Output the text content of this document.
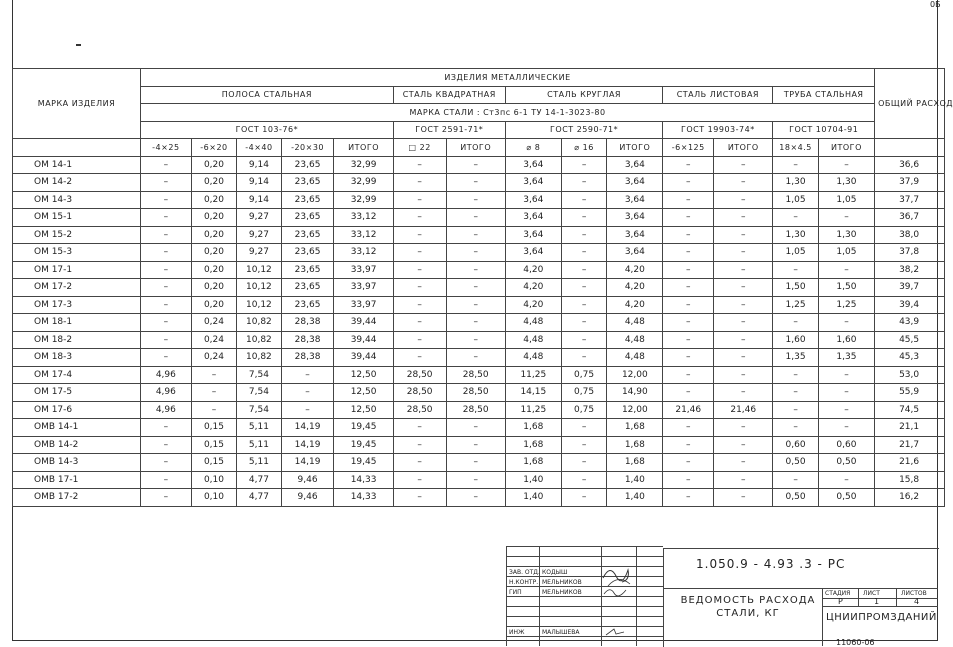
0Б
МАРКА ИЗДЕЛИЯ	ИЗДЕЛИЯ МЕТАЛЛИЧЕСКИЕ														ОБЩИЙ РАСХОД
	ПОЛОСА СТАЛЬНАЯ					СТАЛЬ КВАДРАТНАЯ		СТАЛЬ КРУГЛАЯ			СТАЛЬ ЛИСТОВАЯ		ТРУБА СТАЛЬНАЯ		
	МАРКА СТАЛИ : Ст3пс 6-1 ТУ 14-1-3023-80														
	ГОСТ 103-76*					ГОСТ 2591-71*		ГОСТ 2590-71*			ГОСТ 19903-74*		ГОСТ 10704-91		
	-4×25	-6×20	-4×40	-20×30	ИТОГО	□ 22	ИТОГО	⌀ 8	⌀ 16	ИТОГО	-6×125	ИТОГО	18×4.5	ИТОГО	
ОМ 14-1	–	0,20	9,14	23,65	32,99	–	–	3,64	–	3,64	–	–	–	–	36,6
ОМ 14-2	–	0,20	9,14	23,65	32,99	–	–	3,64	–	3,64	–	–	1,30	1,30	37,9
ОМ 14-3	–	0,20	9,14	23,65	32,99	–	–	3,64	–	3,64	–	–	1,05	1,05	37,7
ОМ 15-1	–	0,20	9,27	23,65	33,12	–	–	3,64	–	3,64	–	–	–	–	36,7
ОМ 15-2	–	0,20	9,27	23,65	33,12	–	–	3,64	–	3,64	–	–	1,30	1,30	38,0
ОМ 15-3	–	0,20	9,27	23,65	33,12	–	–	3,64	–	3,64	–	–	1,05	1,05	37,8
ОМ 17-1	–	0,20	10,12	23,65	33,97	–	–	4,20	–	4,20	–	–	–	–	38,2
ОМ 17-2	–	0,20	10,12	23,65	33,97	–	–	4,20	–	4,20	–	–	1,50	1,50	39,7
ОМ 17-3	–	0,20	10,12	23,65	33,97	–	–	4,20	–	4,20	–	–	1,25	1,25	39,4
ОМ 18-1	–	0,24	10,82	28,38	39,44	–	–	4,48	–	4,48	–	–	–	–	43,9
ОМ 18-2	–	0,24	10,82	28,38	39,44	–	–	4,48	–	4,48	–	–	1,60	1,60	45,5
ОМ 18-3	–	0,24	10,82	28,38	39,44	–	–	4,48	–	4,48	–	–	1,35	1,35	45,3
ОМ 17-4	4,96	–	7,54	–	12,50	28,50	28,50	11,25	0,75	12,00	–	–	–	–	53,0
ОМ 17-5	4,96	–	7,54	–	12,50	28,50	28,50	14,15	0,75	14,90	–	–	–	–	55,9
ОМ 17-6	4,96	–	7,54	–	12,50	28,50	28,50	11,25	0,75	12,00	21,46	21,46	–	–	74,5
ОМВ 14-1	–	0,15	5,11	14,19	19,45	–	–	1,68	–	1,68	–	–	–	–	21,1
ОМВ 14-2	–	0,15	5,11	14,19	19,45	–	–	1,68	–	1,68	–	–	0,60	0,60	21,7
ОМВ 14-3	–	0,15	5,11	14,19	19,45	–	–	1,68	–	1,68	–	–	0,50	0,50	21,6
ОМВ 17-1	–	0,10	4,77	9,46	14,33	–	–	1,40	–	1,40	–	–	–	–	15,8
ОМВ 17-2	–	0,10	4,77	9,46	14,33	–	–	1,40	–	1,40	–	–	0,50	0,50	16,2
ЗАВ. ОТД.
Н.КОНТР.
ГИП
ИНЖ
КОДЫШ
МЕЛЬНИКОВ
МЕЛЬНИКОВ
МАЛЫШЕВА
1.050.9 - 4.93 .3 - РС
ВЕДОМОСТЬ РАСХОДА СТАЛИ, КГ
СТАДИЯ ЛИСТ	ЛИСТОВ
Р	1	4
ЦНИИПРОМЗДАНИЙ
11060-06
